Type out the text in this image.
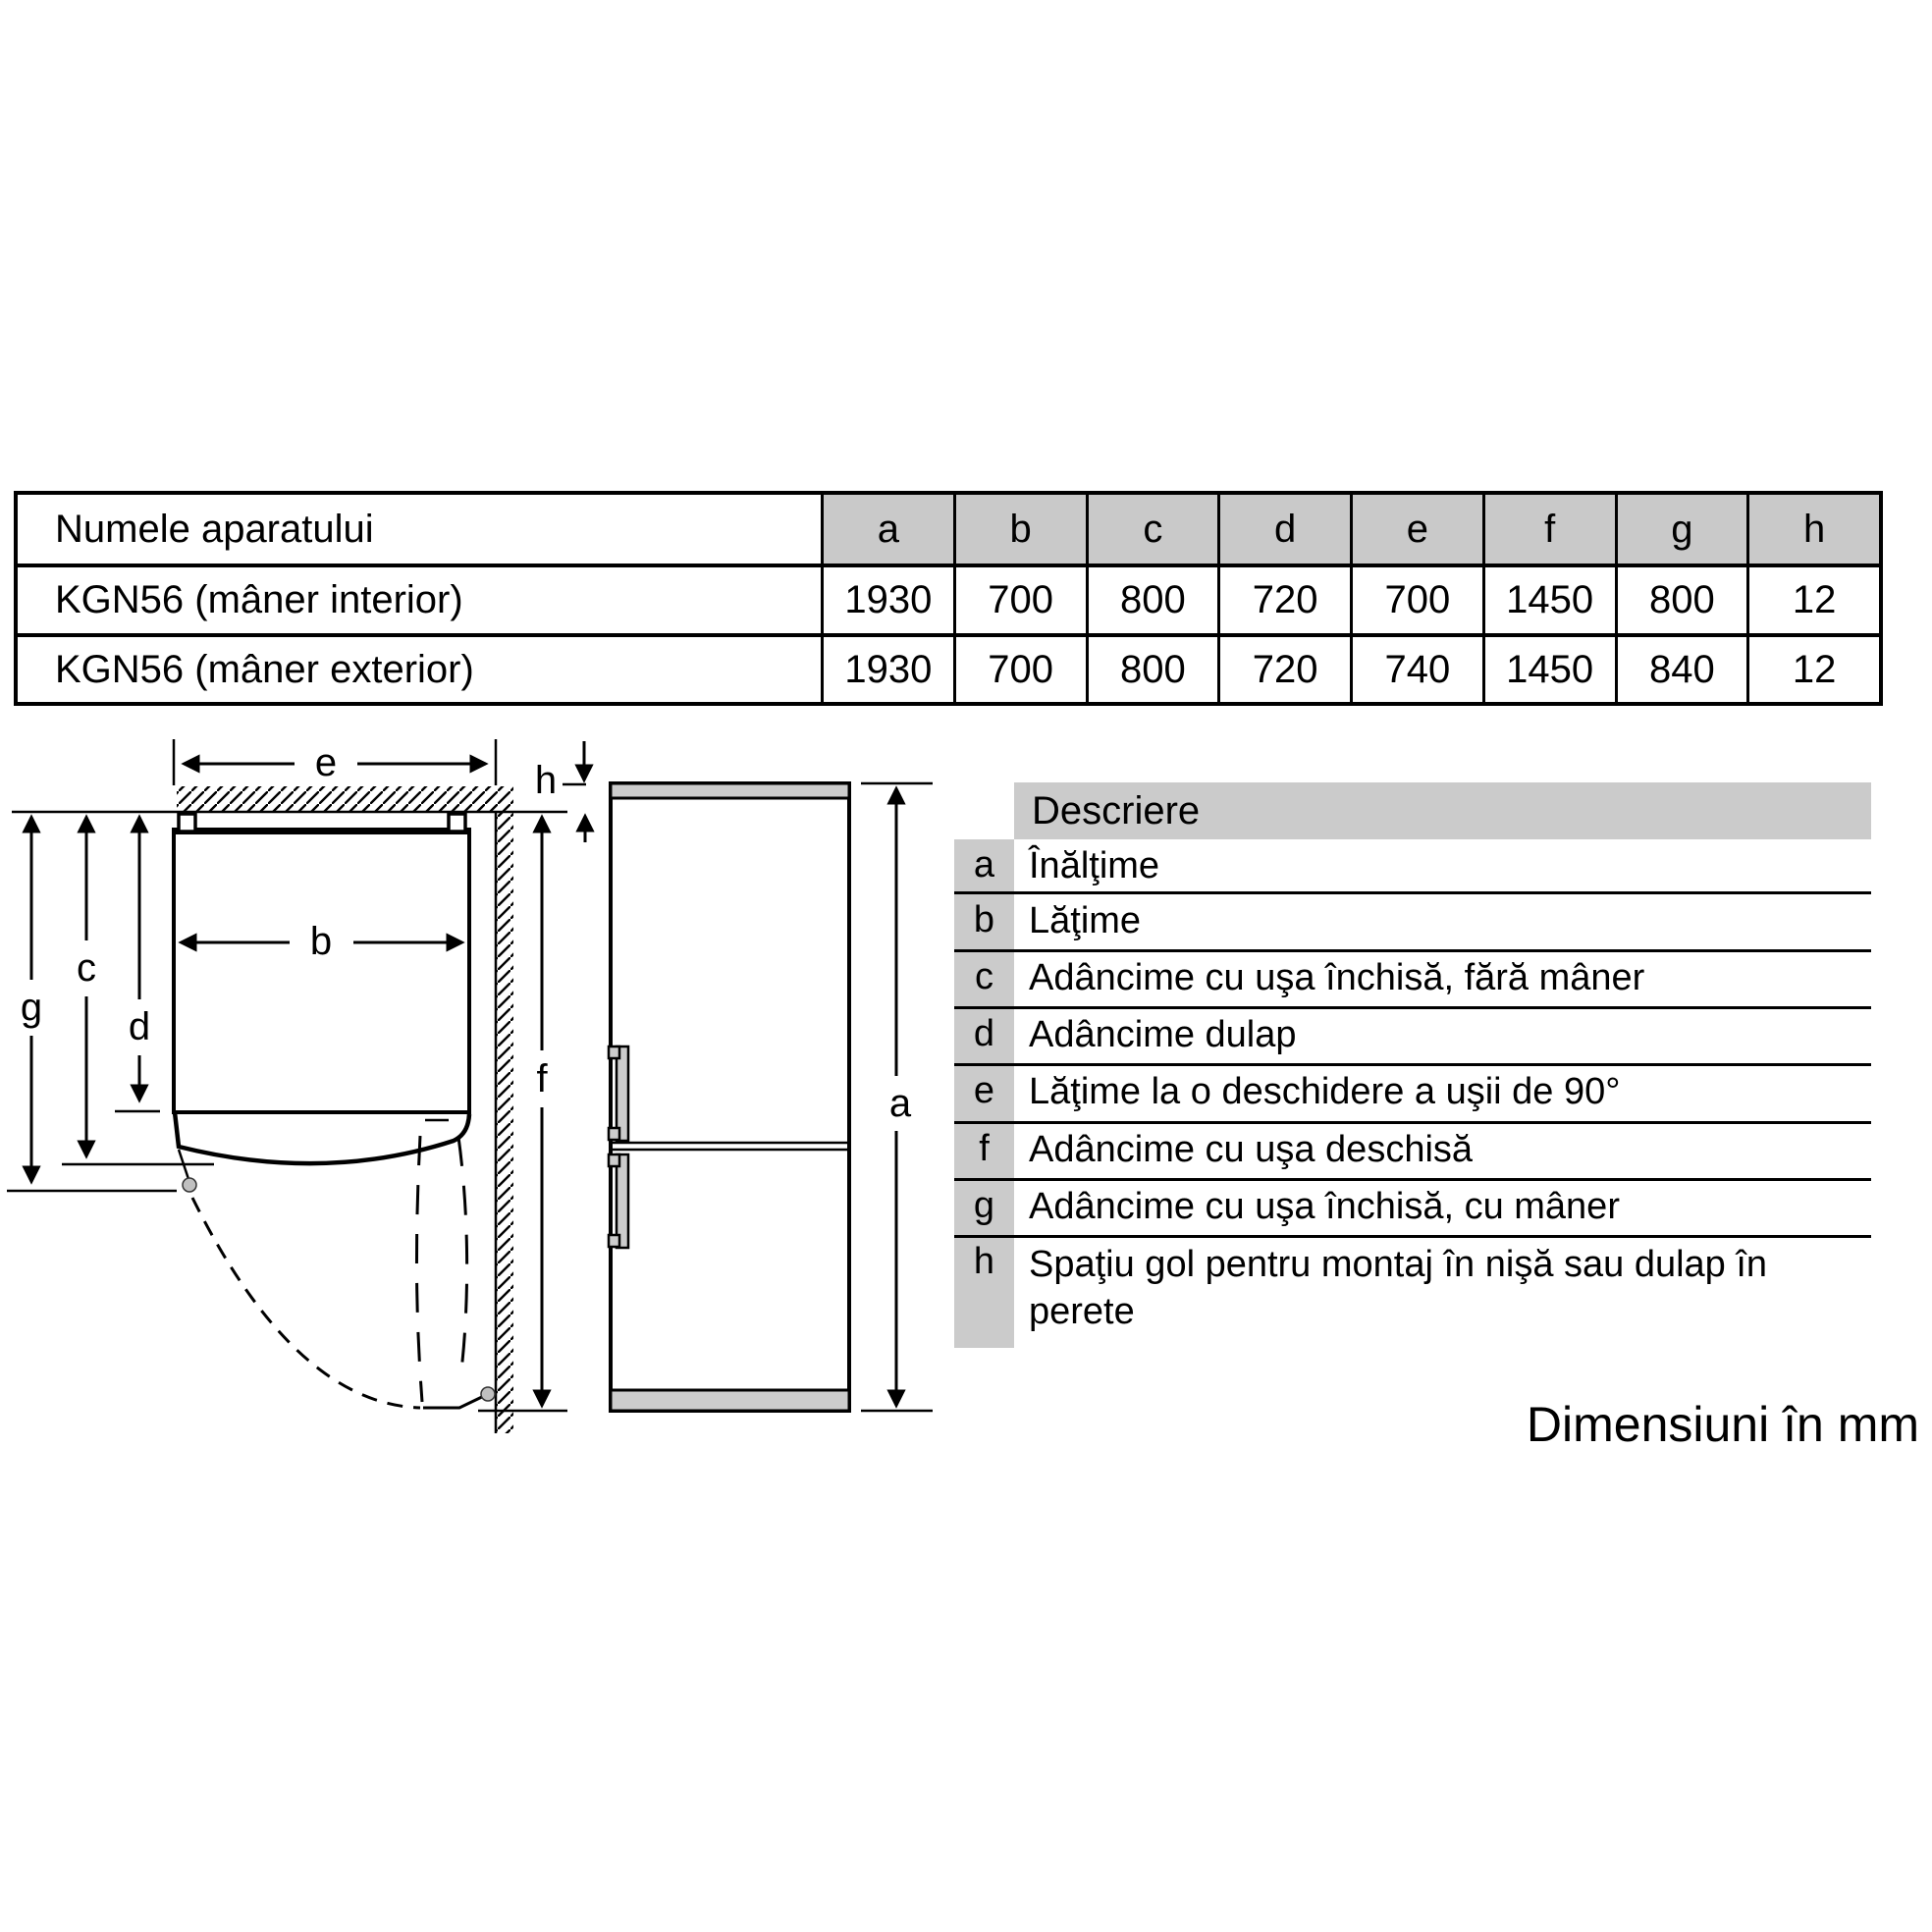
e	h
b
c
g d
f
a
Numele aparatului	a	b	c	d	e	f	g	h
KGN56 (mâner interior)	1930	700	800	720	700	1450	800	12
KGN56 (mâner exterior)	1930	700	800	720	740	1450	840	12
Descriere
a Înălţime
b Lăţime
c Adâncime cu uşa închisă, fără mâner
d Adâncime dulap
e Lăţime la o deschidere a uşii de 90°
f	Adâncime cu uşa deschisă
g Adâncime cu uşa închisă, cu mâner
h Spaţiu gol pentru montaj în nişă sau dulap în perete
Dimensiuni în mm
